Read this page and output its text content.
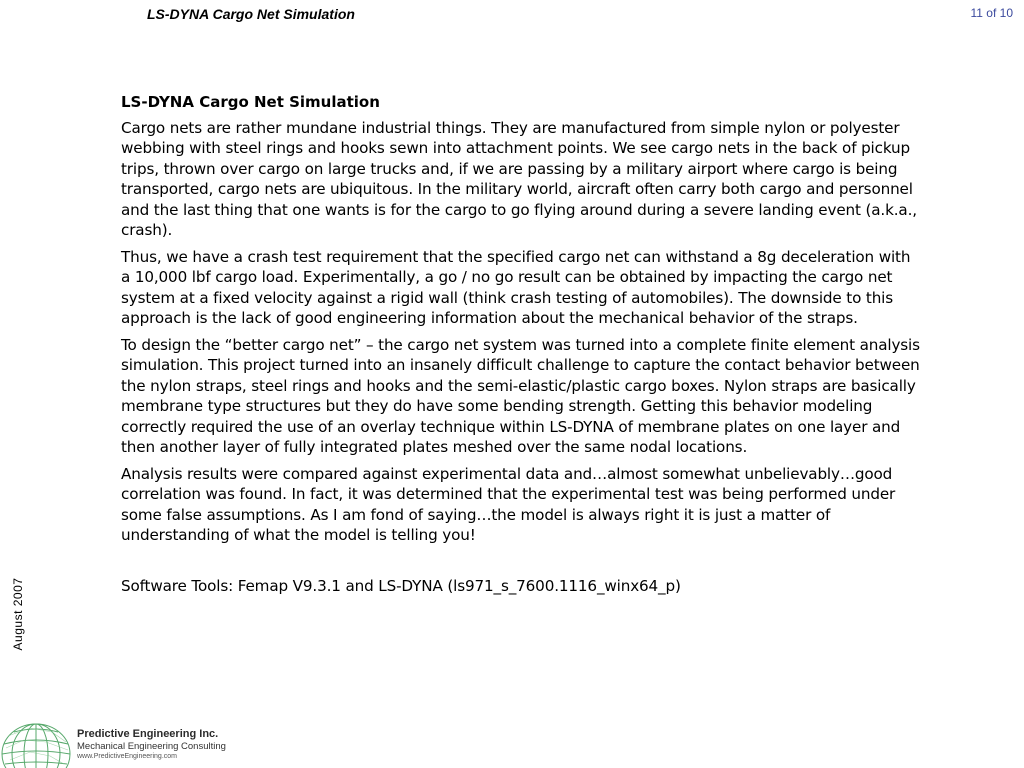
LS-DYNA Cargo Net Simulation	11 of 10
August 2007
LS-DYNA Cargo Net Simulation

Cargo nets are rather mundane industrial things. They are manufactured from simple nylon or polyester webbing with steel rings and hooks sewn into attachment points. We see cargo nets in the back of pickup trips, thrown over cargo on large trucks and, if we are passing by a military airport where cargo is being transported, cargo nets are ubiquitous. In the military world, aircraft often carry both cargo and personnel and the last thing that one wants is for the cargo to go flying around during a severe landing event (a.k.a., crash).

Thus, we have a crash test requirement that the specified cargo net can withstand a 8g deceleration with a 10,000 lbf cargo load. Experimentally, a go / no go result can be obtained by impacting the cargo net system at a fixed velocity against a rigid wall (think crash testing of automobiles). The downside to this approach is the lack of good engineering information about the mechanical behavior of the straps.

To design the “better cargo net” – the cargo net system was turned into a complete finite element analysis simulation. This project turned into an insanely difficult challenge to capture the contact behavior between the nylon straps, steel rings and hooks and the semi-elastic/plastic cargo boxes. Nylon straps are basically membrane type structures but they do have some bending strength. Getting this behavior modeling correctly required the use of an overlay technique within LS-DYNA of membrane plates on one layer and then another layer of fully integrated plates meshed over the same nodal locations.

Analysis results were compared against experimental data and…almost somewhat unbelievably…good correlation was found. In fact, it was determined that the experimental test was being performed under some false assumptions. As I am fond of saying…the model is always right it is just a matter of understanding of what the model is telling you!

Software Tools: Femap V9.3.1 and LS-DYNA (ls971_s_7600.1116_winx64_p)

Predictive Engineering Inc.
Mechanical Engineering Consulting
www.PredictiveEngineering.com
